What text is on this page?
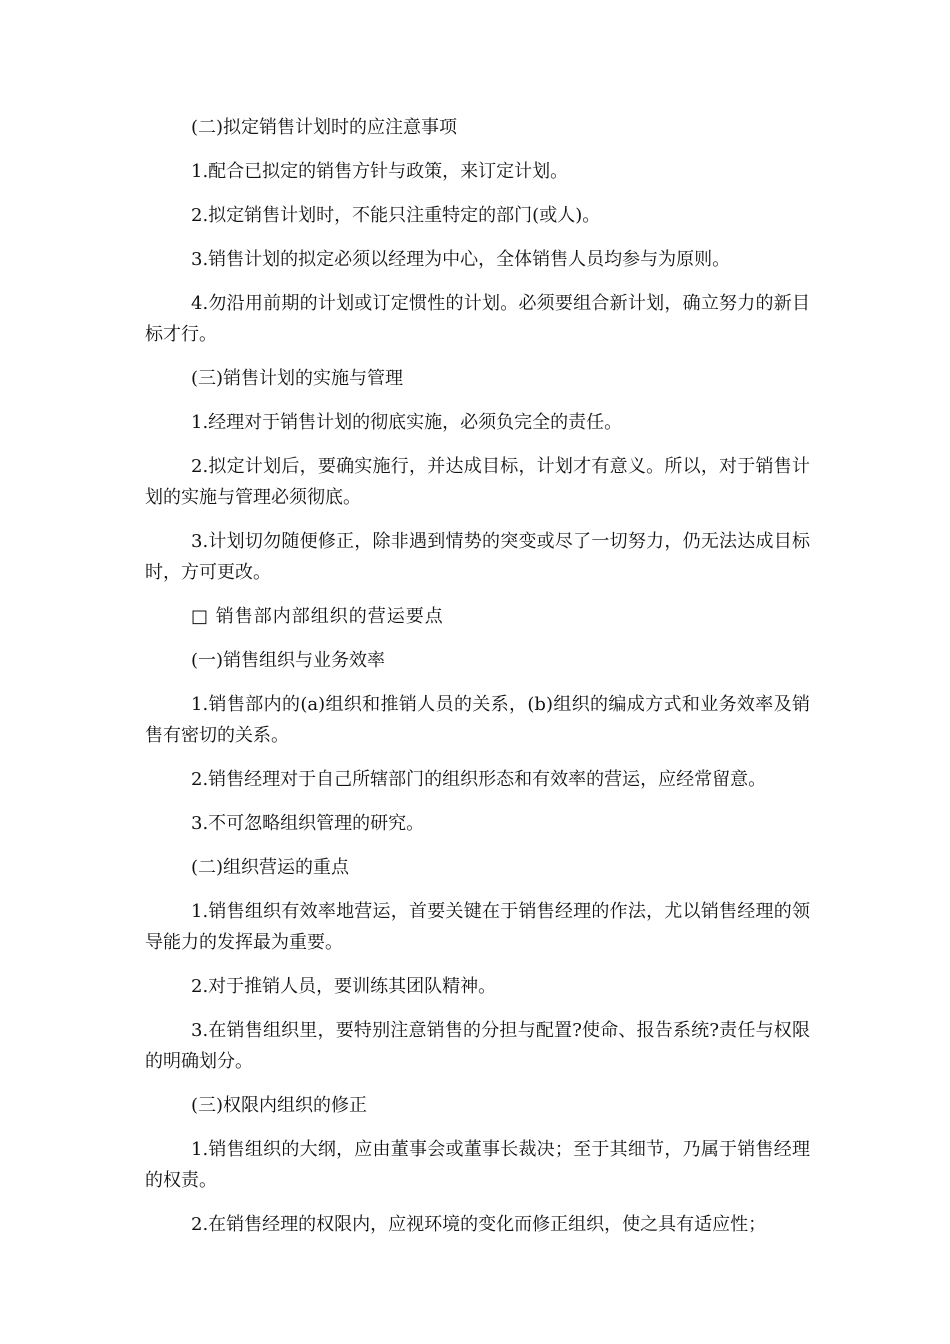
(二)拟定销售计划时的应注意事项

1.配合已拟定的销售方针与政策，来订定计划。

2.拟定销售计划时，不能只注重特定的部门(或人)。

3.销售计划的拟定必须以经理为中心，全体销售人员均参与为原则。

4.勿沿用前期的计划或订定惯性的计划。必须要组合新计划，确立努力的新目标才行。

(三)销售计划的实施与管理

1.经理对于销售计划的彻底实施，必须负完全的责任。

2.拟定计划后，要确实施行，并达成目标，计划才有意义。所以，对于销售计划的实施与管理必须彻底。

3.计划切勿随便修正，除非遇到情势的突变或尽了一切努力，仍无法达成目标时，方可更改。

□ 销售部内部组织的营运要点

(一)销售组织与业务效率

1.销售部内的(a)组织和推销人员的关系，(b)组织的编成方式和业务效率及销售有密切的关系。

2.销售经理对于自己所辖部门的组织形态和有效率的营运，应经常留意。

3.不可忽略组织管理的研究。

(二)组织营运的重点

1.销售组织有效率地营运，首要关键在于销售经理的作法，尤以销售经理的领导能力的发挥最为重要。

2.对于推销人员，要训练其团队精神。

3.在销售组织里，要特别注意销售的分担与配置?使命、报告系统?责任与权限的明确划分。

(三)权限内组织的修正

1.销售组织的大纲，应由董事会或董事长裁决；至于其细节，乃属于销售经理的权责。

2.在销售经理的权限内，应视环境的变化而修正组织，使之具有适应性；
